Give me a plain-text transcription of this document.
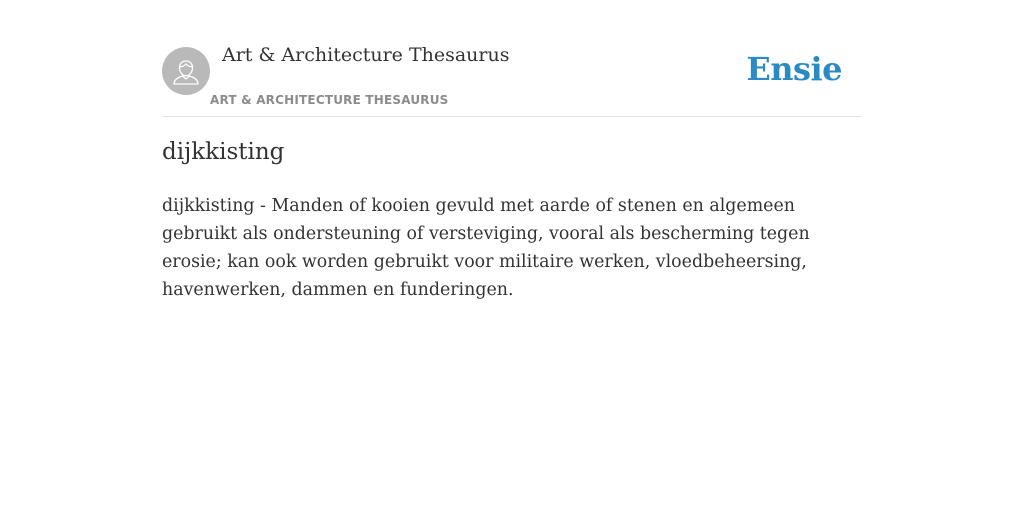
Art & Architecture Thesaurus
ART & ARCHITECTURE THESAURUS
Ensie
dijkkisting

dijkkisting - Manden of kooien gevuld met aarde of stenen en algemeen gebruikt als ondersteuning of versteviging, vooral als bescherming tegen erosie; kan ook worden gebruikt voor militaire werken, vloedbeheersing, havenwerken, dammen en funderingen.
